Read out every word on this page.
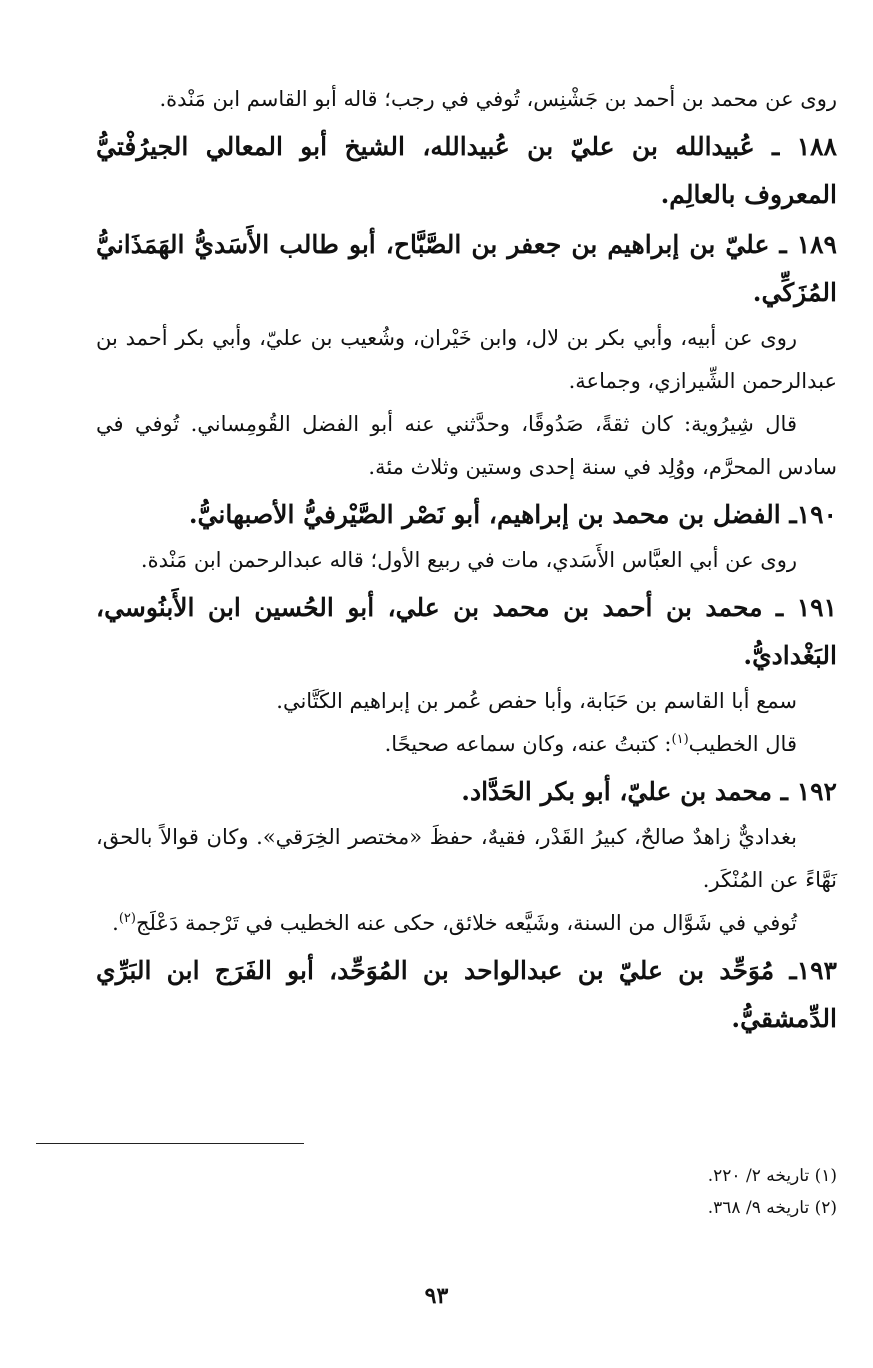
روى عن محمد بن أحمد بن جَشْنِس، تُوفي في رجب؛ قاله أبو القاسم ابن مَنْدة.

١٨٨ ـ عُبيدالله بن عليّ بن عُبيدالله، الشيخ أبو المعالي الجيرُفْتيُّ المعروف بالعالِم.

١٨٩ ـ عليّ بن إبراهيم بن جعفر بن الصَّبَّاح، أبو طالب الأَسَديُّ الهَمَذَانيُّ المُزَكِّي.

روى عن أبيه، وأبي بكر بن لال، وابن خَيْران، وشُعيب بن عليّ، وأبي بكر أحمد بن عبدالرحمن الشِّيرازي، وجماعة.

قال شِيرُوية: كان ثقةً، صَدُوقًا، وحدَّثني عنه أبو الفضل القُومِساني. تُوفي في سادس المحرَّم، ووُلِد في سنة إحدى وستين وثلاث مئة.

١٩٠ـ الفضل بن محمد بن إبراهيم، أبو نَصْر الصَّيْرفيُّ الأصبهانيُّ.

روى عن أبي العبَّاس الأَسَدي، مات في ربيع الأول؛ قاله عبدالرحمن ابن مَنْدة.

١٩١ ـ محمد بن أحمد بن محمد بن علي، أبو الحُسين ابن الأَبنُوسي، البَغْداديُّ.

سمع أبا القاسم بن حَبَابة، وأبا حفص عُمر بن إبراهيم الكَتَّاني.

قال الخطيب$^{(١)}$: كتبتُ عنه، وكان سماعه صحيحًا.

١٩٢ ـ محمد بن عليّ، أبو بكر الحَدَّاد.

بغداديٌّ زاهدٌ صالحٌ، كبيرُ القَدْر، فقيهٌ، حفظَ «مختصر الخِرَقي». وكان قوالاً بالحق، نَهَّاءً عن المُنْكَر.

تُوفي في شَوَّال من السنة، وشَيَّعه خلائق، حكى عنه الخطيب في تَرْجمة دَعْلَج$^{(٢)}$.

١٩٣ـ مُوَحِّد بن عليّ بن عبدالواحد بن المُوَحِّد، أبو الفَرَج ابن البَرِّي الدِّمشقيُّ.

(١) تاريخه ٢/ ٢٢٠.

(٢) تاريخه ٩/ ٣٦٨.

٩٣
